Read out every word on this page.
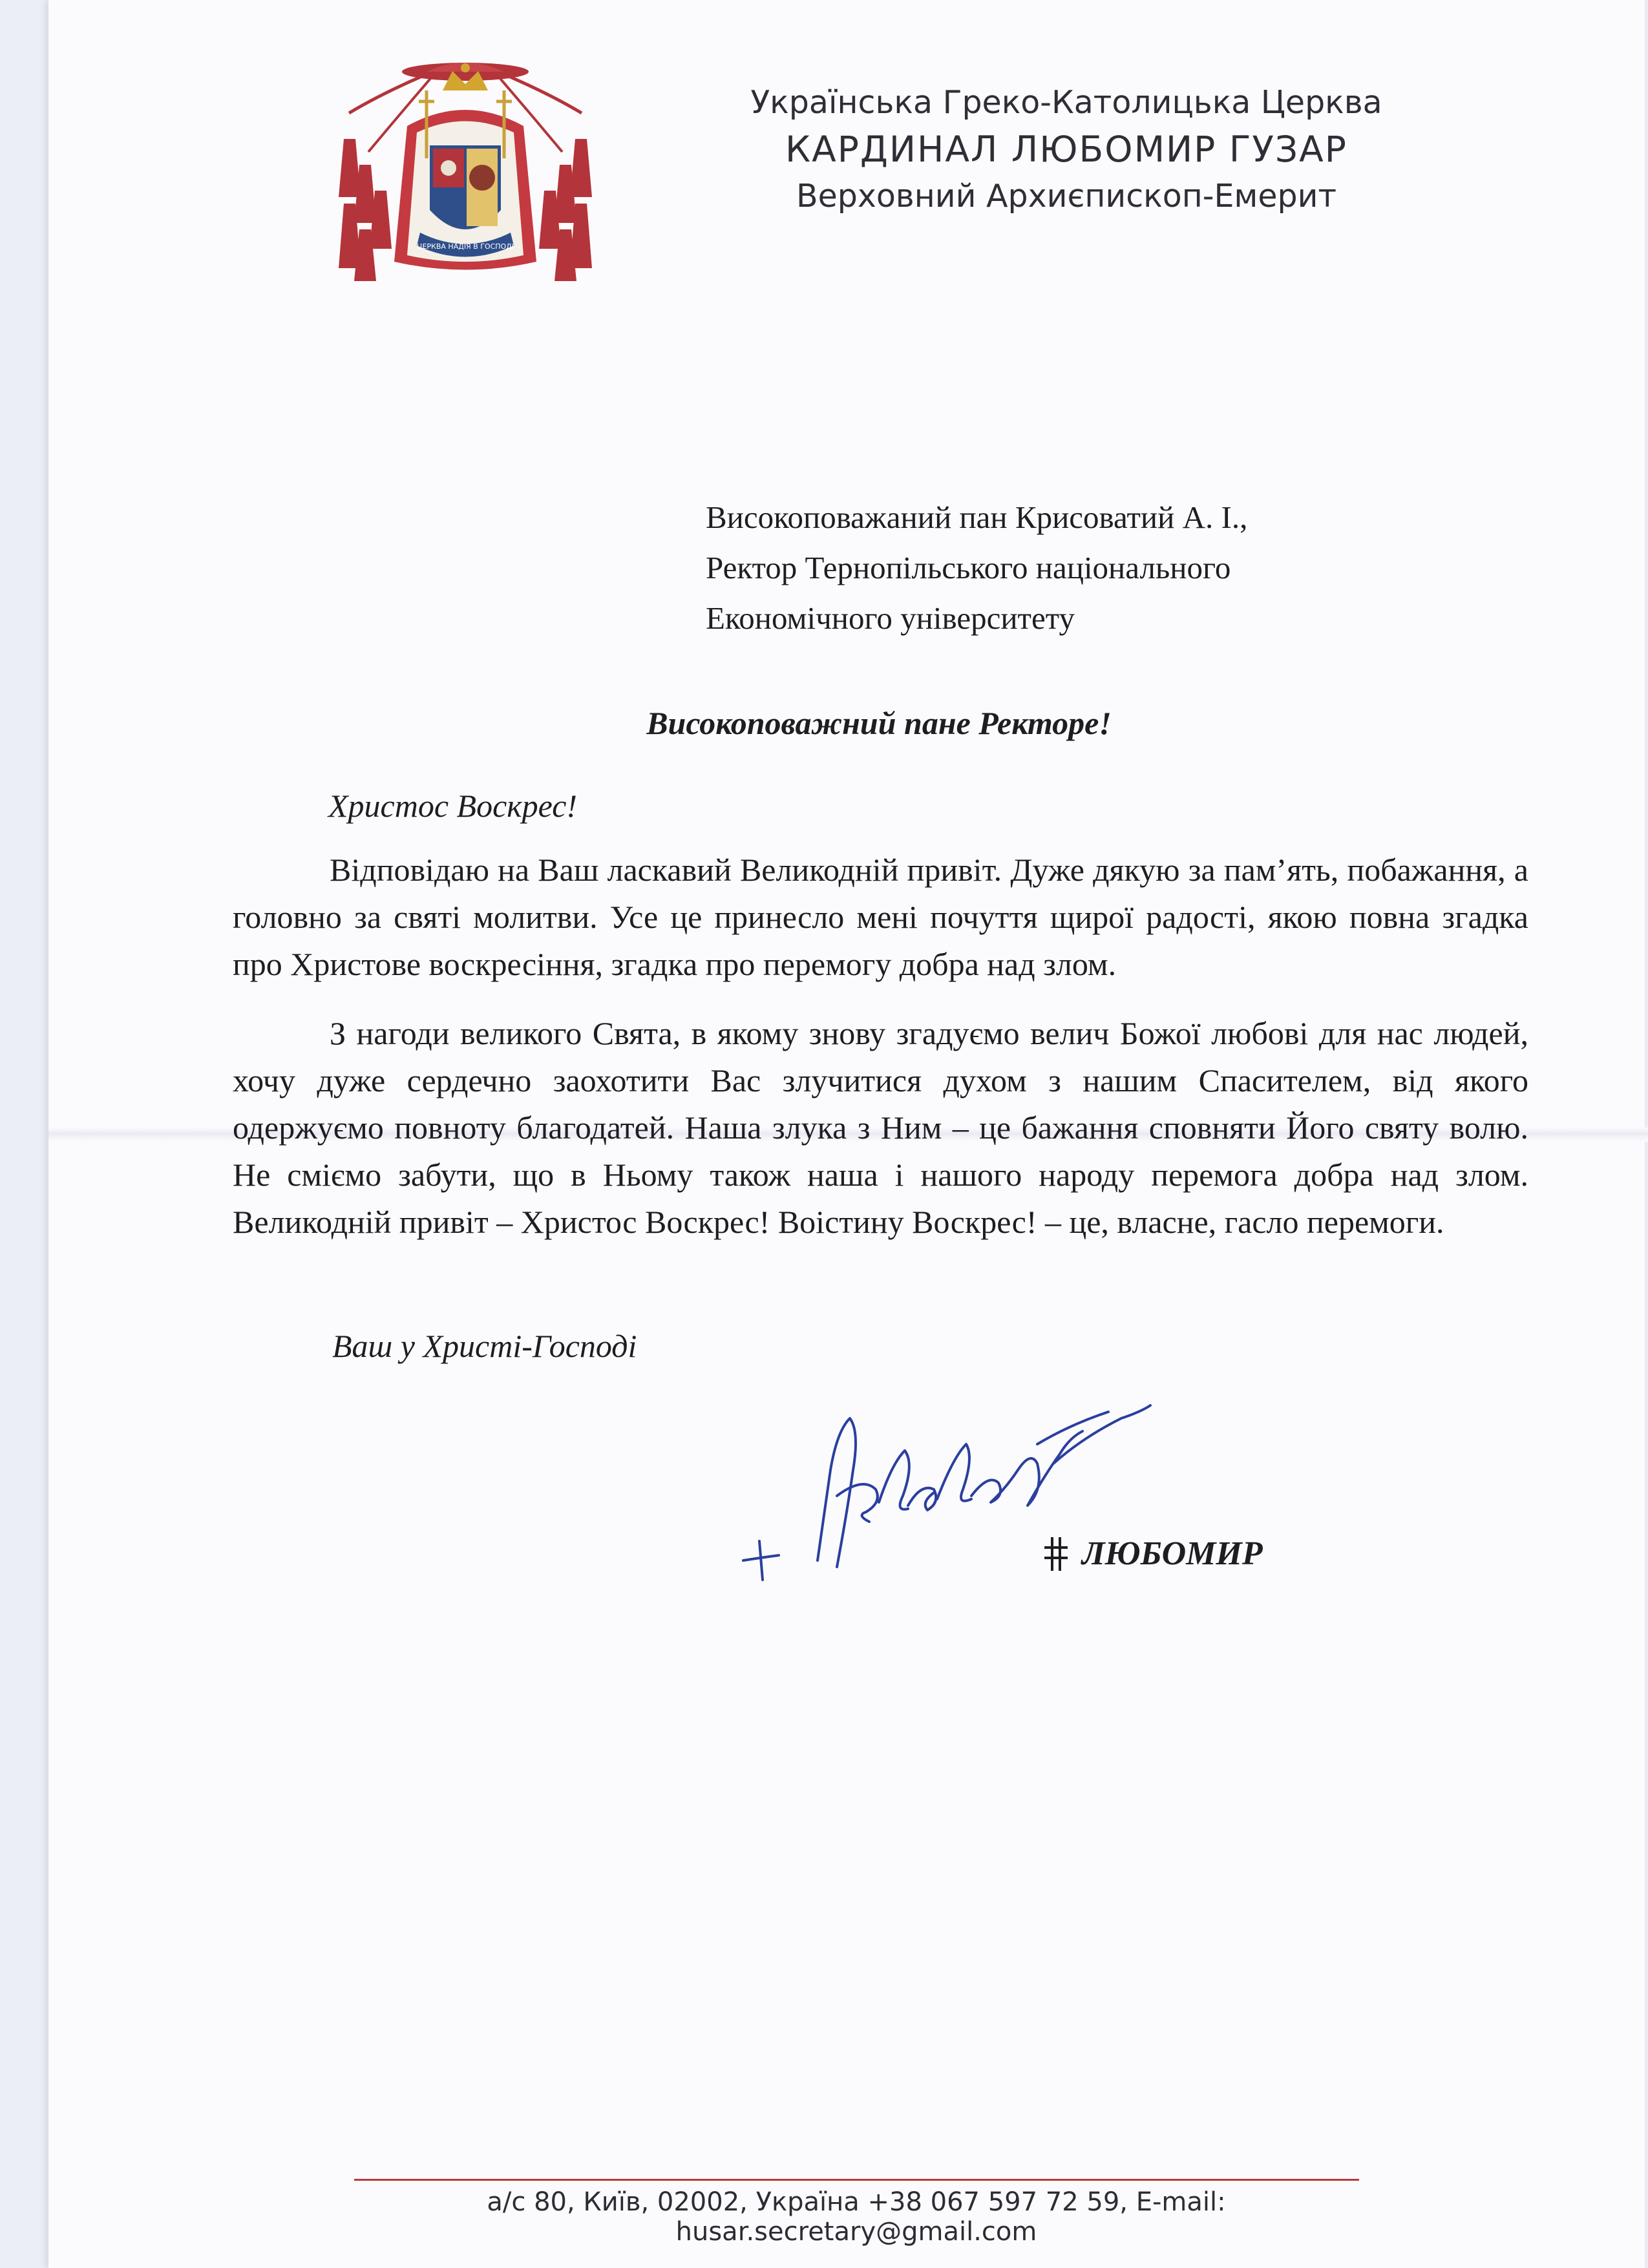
ЦЕРКВА НАДІЯ В ГОСПОДІ
Українська Греко-Католицька Церква
КАРДИНАЛ ЛЮБОМИР ГУЗАР
Верховний Архиєпископ-Емерит
Високоповажаний пан Крисоватий А. І.,
Ректор Тернопільського національного
Економічного університету
Високоповажний пане Ректоре!
Христос Воскрес!

Відповідаю на Ваш ласкавий Великодній привіт. Дуже дякую за пам’ять, побажання, а головно за святі молитви. Усе це принесло мені почуття щирої радості, якою повна згадка про Христове воскресіння, згадка про перемогу добра над злом.

З нагоди великого Свята, в якому знову згадуємо велич Божої любові для нас людей, хочу дуже сердечно заохотити Вас злучитися духом з нашим Спасителем, від якого одержуємо повноту благодатей. Наша злука з Ним – це бажання сповняти Його святу волю. Не сміємо забути, що в Ньому також наша і нашого народу перемога добра над злом. Великодній привіт – Христос Воскрес! Воістину Воскрес! – це, власне, гасло перемоги.

Ваш у Христі-Господі
ЛЮБОМИР
а/с 80, Київ, 02002, Україна +38 067 597 72 59, E-mail: husar.secretary@gmail.com
